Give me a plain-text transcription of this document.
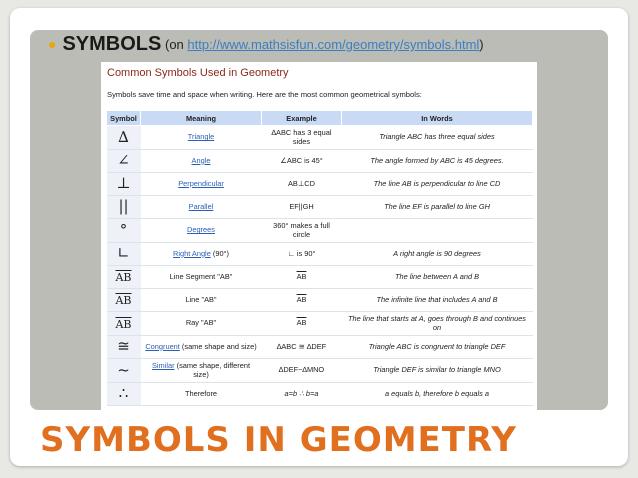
● SYMBOLS (on http://www.mathsisfun.com/geometry/symbols.html)
Common Symbols Used in Geometry
Symbols save time and space when writing. Here are the most common geometrical symbols:
Symbol	Meaning	Example	In Words
∆	Triangle	∆ABC has 3 equal sides	Triangle ABC has three equal sides
∠	Angle	∠ABC is 45°	The angle formed by ABC is 45 degrees.
⊥	Perpendicular	AB⊥CD	The line AB is perpendicular to line CD
||	Parallel	EF||GH	The line EF is parallel to line GH
°	Degrees	360° makes a full circle	
∟	Right Angle (90°)	∟ is 90°	A right angle is 90 degrees
$\overline{AB}$	Line Segment "AB"	$\overline{AB}$	The line between A and B
$\overline{AB}$	Line "AB"	$\overline{AB}$	The infinite line that includes A and B
$\overline{AB}$	Ray "AB"	$\overline{AB}$	The line that starts at A, goes through B and continues on
≅	Congruent (same shape and size)	∆ABC ≅ ∆DEF	Triangle ABC is congruent to triangle DEF
~	Similar (same shape, different size)	∆DEF~∆MNO	Triangle DEF is similar to triangle MNO
∴	Therefore	a=b ∴ b=a	a equals b, therefore b equals a
SYMBOLS IN GEOMETRY
